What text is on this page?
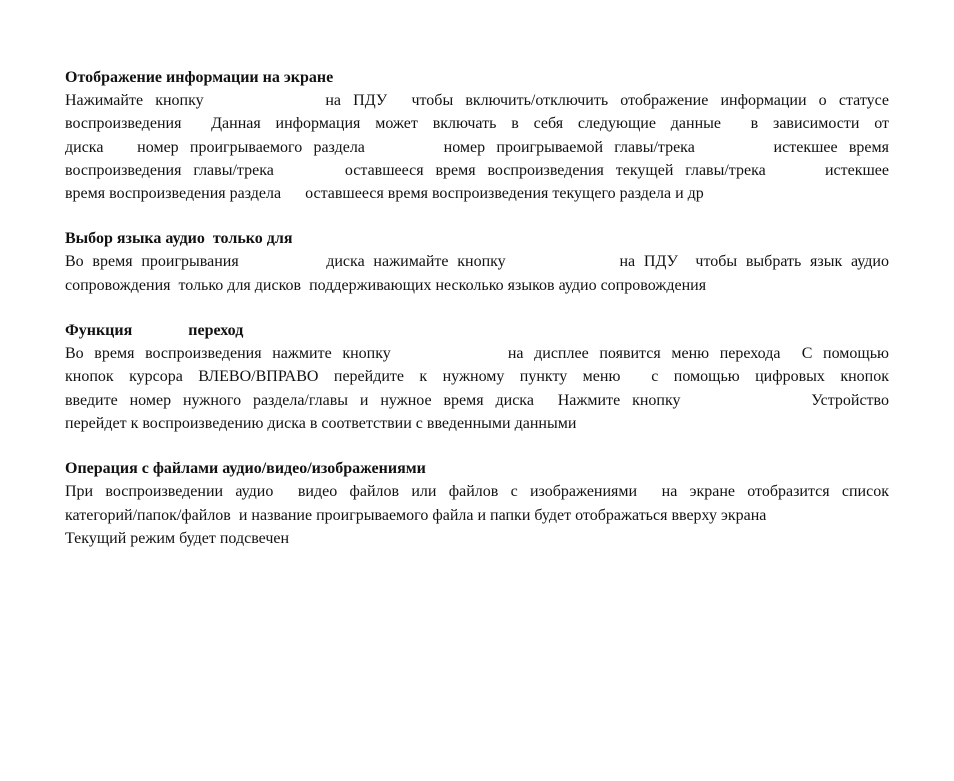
Отображение информации на экране

Нажимайте кнопку          на ПДУ  чтобы включить/отключить отображение информации о статусе
воспроизведения  Данная информация может включать в себя следующие данные  в зависимости от
диска   номер проигрываемого раздела       номер проигрываемой главы/трека       истекшее время
воспроизведения главы/трека      оставшееся время воспроизведения текущей главы/трека     истекшее
время воспроизведения раздела      оставшееся время воспроизведения текущего раздела и др

Выбор языка аудио  только для

Во время проигрывания          диска нажимайте кнопку             на ПДУ  чтобы выбрать язык аудио
сопровождения  только для дисков  поддерживающих несколько языков аудио сопровождения

Функция              переход

Во время воспроизведения нажмите кнопку           на дисплее появится меню перехода  С помощью
кнопок курсора ВЛЕВО/ВПРАВО перейдите к нужному пункту меню  с помощью цифровых кнопок
введите номер нужного раздела/главы и нужное время диска  Нажмите кнопку           Устройство
перейдет к воспроизведению диска в соответствии с введенными данными

Операция с файлами аудио/видео/изображениями

При воспроизведении аудио  видео файлов или файлов с изображениями  на экране отобразится список
категорий/папок/файлов  и название проигрываемого файла и папки будет отображаться вверху экрана
Текущий режим будет подсвечен
